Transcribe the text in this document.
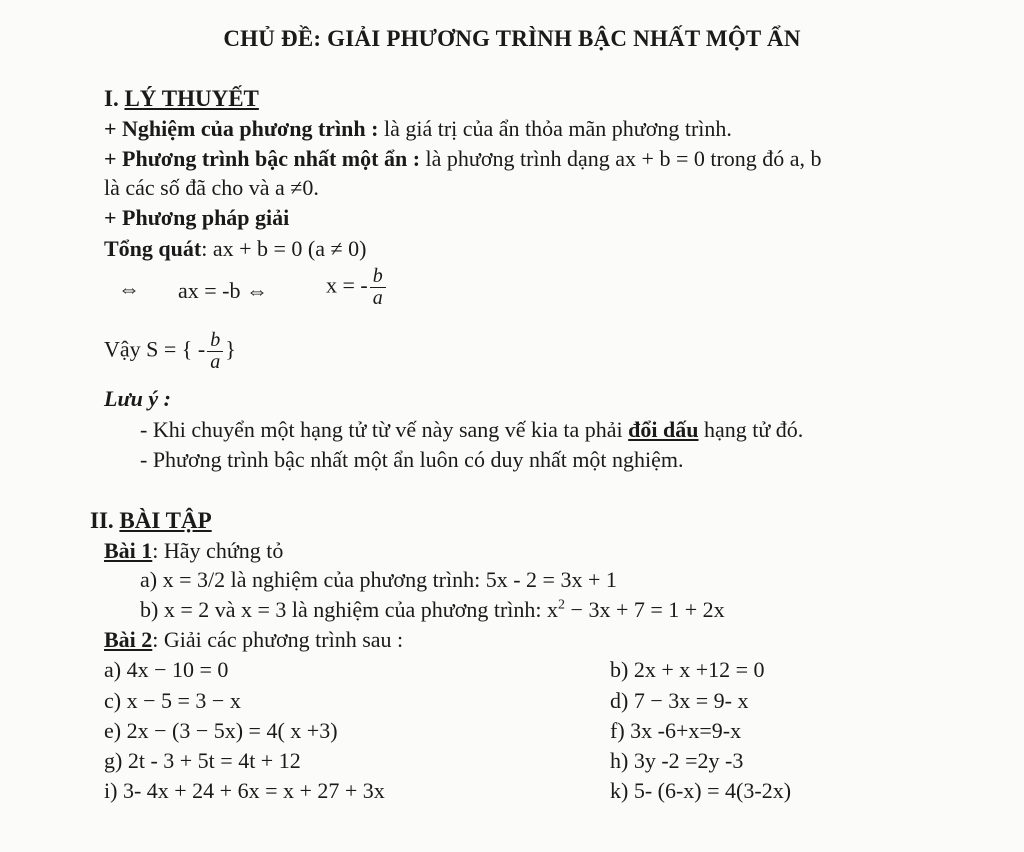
CHỦ ĐỀ: GIẢI PHƯƠNG TRÌNH BẬC NHẤT MỘT ẨN
I. LÝ THUYẾT
+ Nghiệm của phương trình : là giá trị của ẩn thỏa mãn phương trình.
+ Phương trình bậc nhất một ẩn : là phương trình dạng ax + b = 0 trong đó a, b
là các số đã cho và a ≠0.
+ Phương pháp giải
Tổng quát: ax + b = 0 (a ≠ 0)
⇔ ax = -b ⇔	x = - $\frac{b}{a}$
Vậy S = { - $\frac{b}{a}$ }
Lưu ý :
- Khi chuyển một hạng tử từ vế này sang vế kia ta phải đổi dấu hạng tử đó.
- Phương trình bậc nhất một ẩn luôn có duy nhất một nghiệm.
II. BÀI TẬP
Bài 1: Hãy chứng tỏ
a) x = 3/2 là nghiệm của phương trình: 5x - 2 = 3x + 1
b) x = 2 và x = 3 là nghiệm của phương trình: $x^2 - 3x + 7 = 1 + 2x$
Bài 2: Giải các phương trình sau :
a) 4x − 10 = 0
c) x − 5 = 3 − x
e) 2x − (3 − 5x) = 4( x +3)
g) 2t - 3 + 5t = 4t + 12
i) 3- 4x + 24 + 6x = x + 27 + 3x
b) 2x + x +12 = 0
d) 7 − 3x = 9- x
f) 3x -6+x=9-x
h) 3y -2 =2y -3
k) 5- (6-x) = 4(3-2x)
